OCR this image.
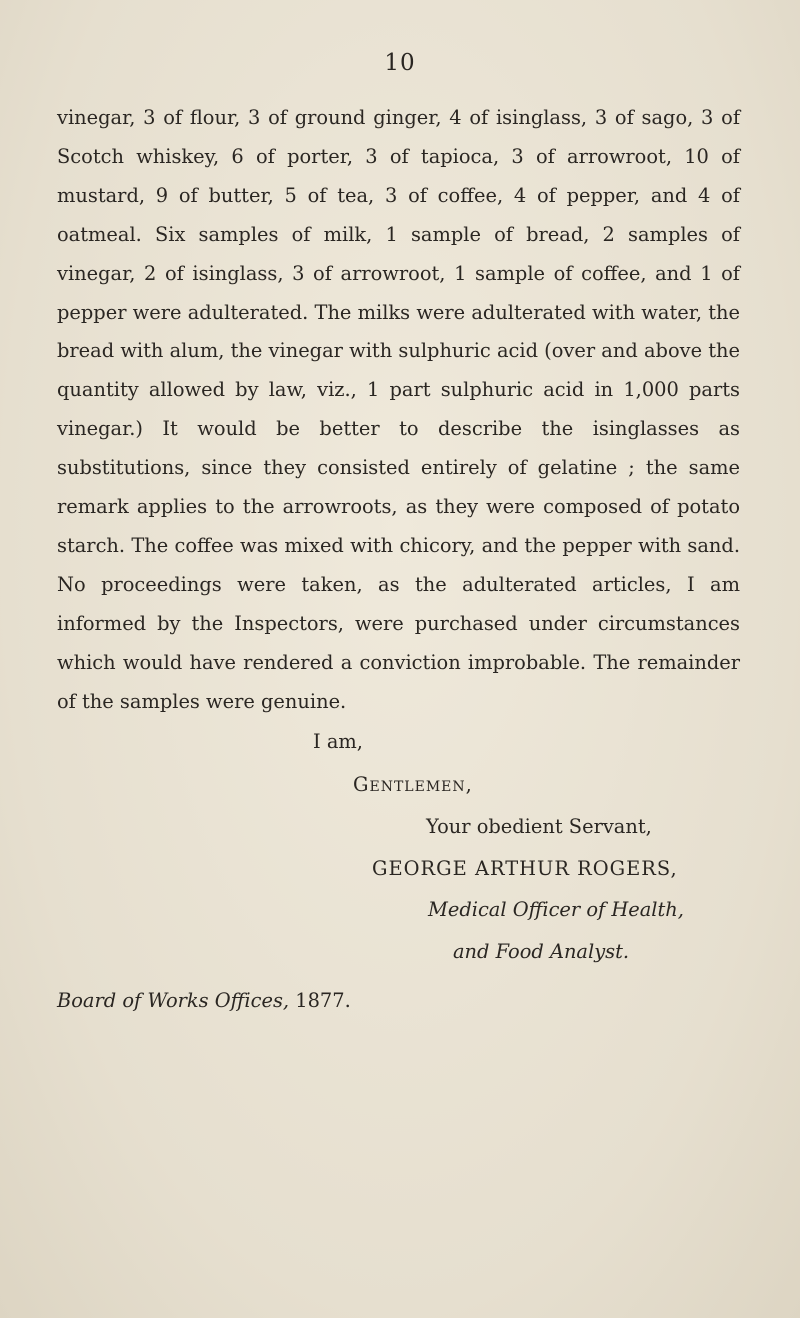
10

vinegar, 3 of flour, 3 of ground ginger, 4 of isinglass, 3 of sago, 3 of Scotch whiskey, 6 of porter, 3 of tapioca, 3 of arrowroot, 10 of mustard, 9 of butter, 5 of tea, 3 of coffee, 4 of pepper, and 4 of oatmeal. Six samples of milk, 1 sample of bread, 2 samples of vinegar, 2 of isinglass, 3 of arrowroot, 1 sample of coffee, and 1 of pepper were adulterated. The milks were adulterated with water, the bread with alum, the vinegar with sulphuric acid (over and above the quantity allowed by law, viz., 1 part sulphuric acid in 1,000 parts vinegar.) It would be better to describe the isinglasses as substitutions, since they consisted entirely of gelatine ; the same remark applies to the arrowroots, as they were composed of potato starch. The coffee was mixed with chicory, and the pepper with sand. No proceedings were taken, as the adulterated articles, I am informed by the Inspectors, were purchased under circumstances which would have rendered a conviction improbable. The remainder of the samples were genuine.

I am,
Gentlemen,
Your obedient Servant,
GEORGE ARTHUR ROGERS,
Medical Officer of Health,
and Food Analyst.
Board of Works Offices, 1877.
